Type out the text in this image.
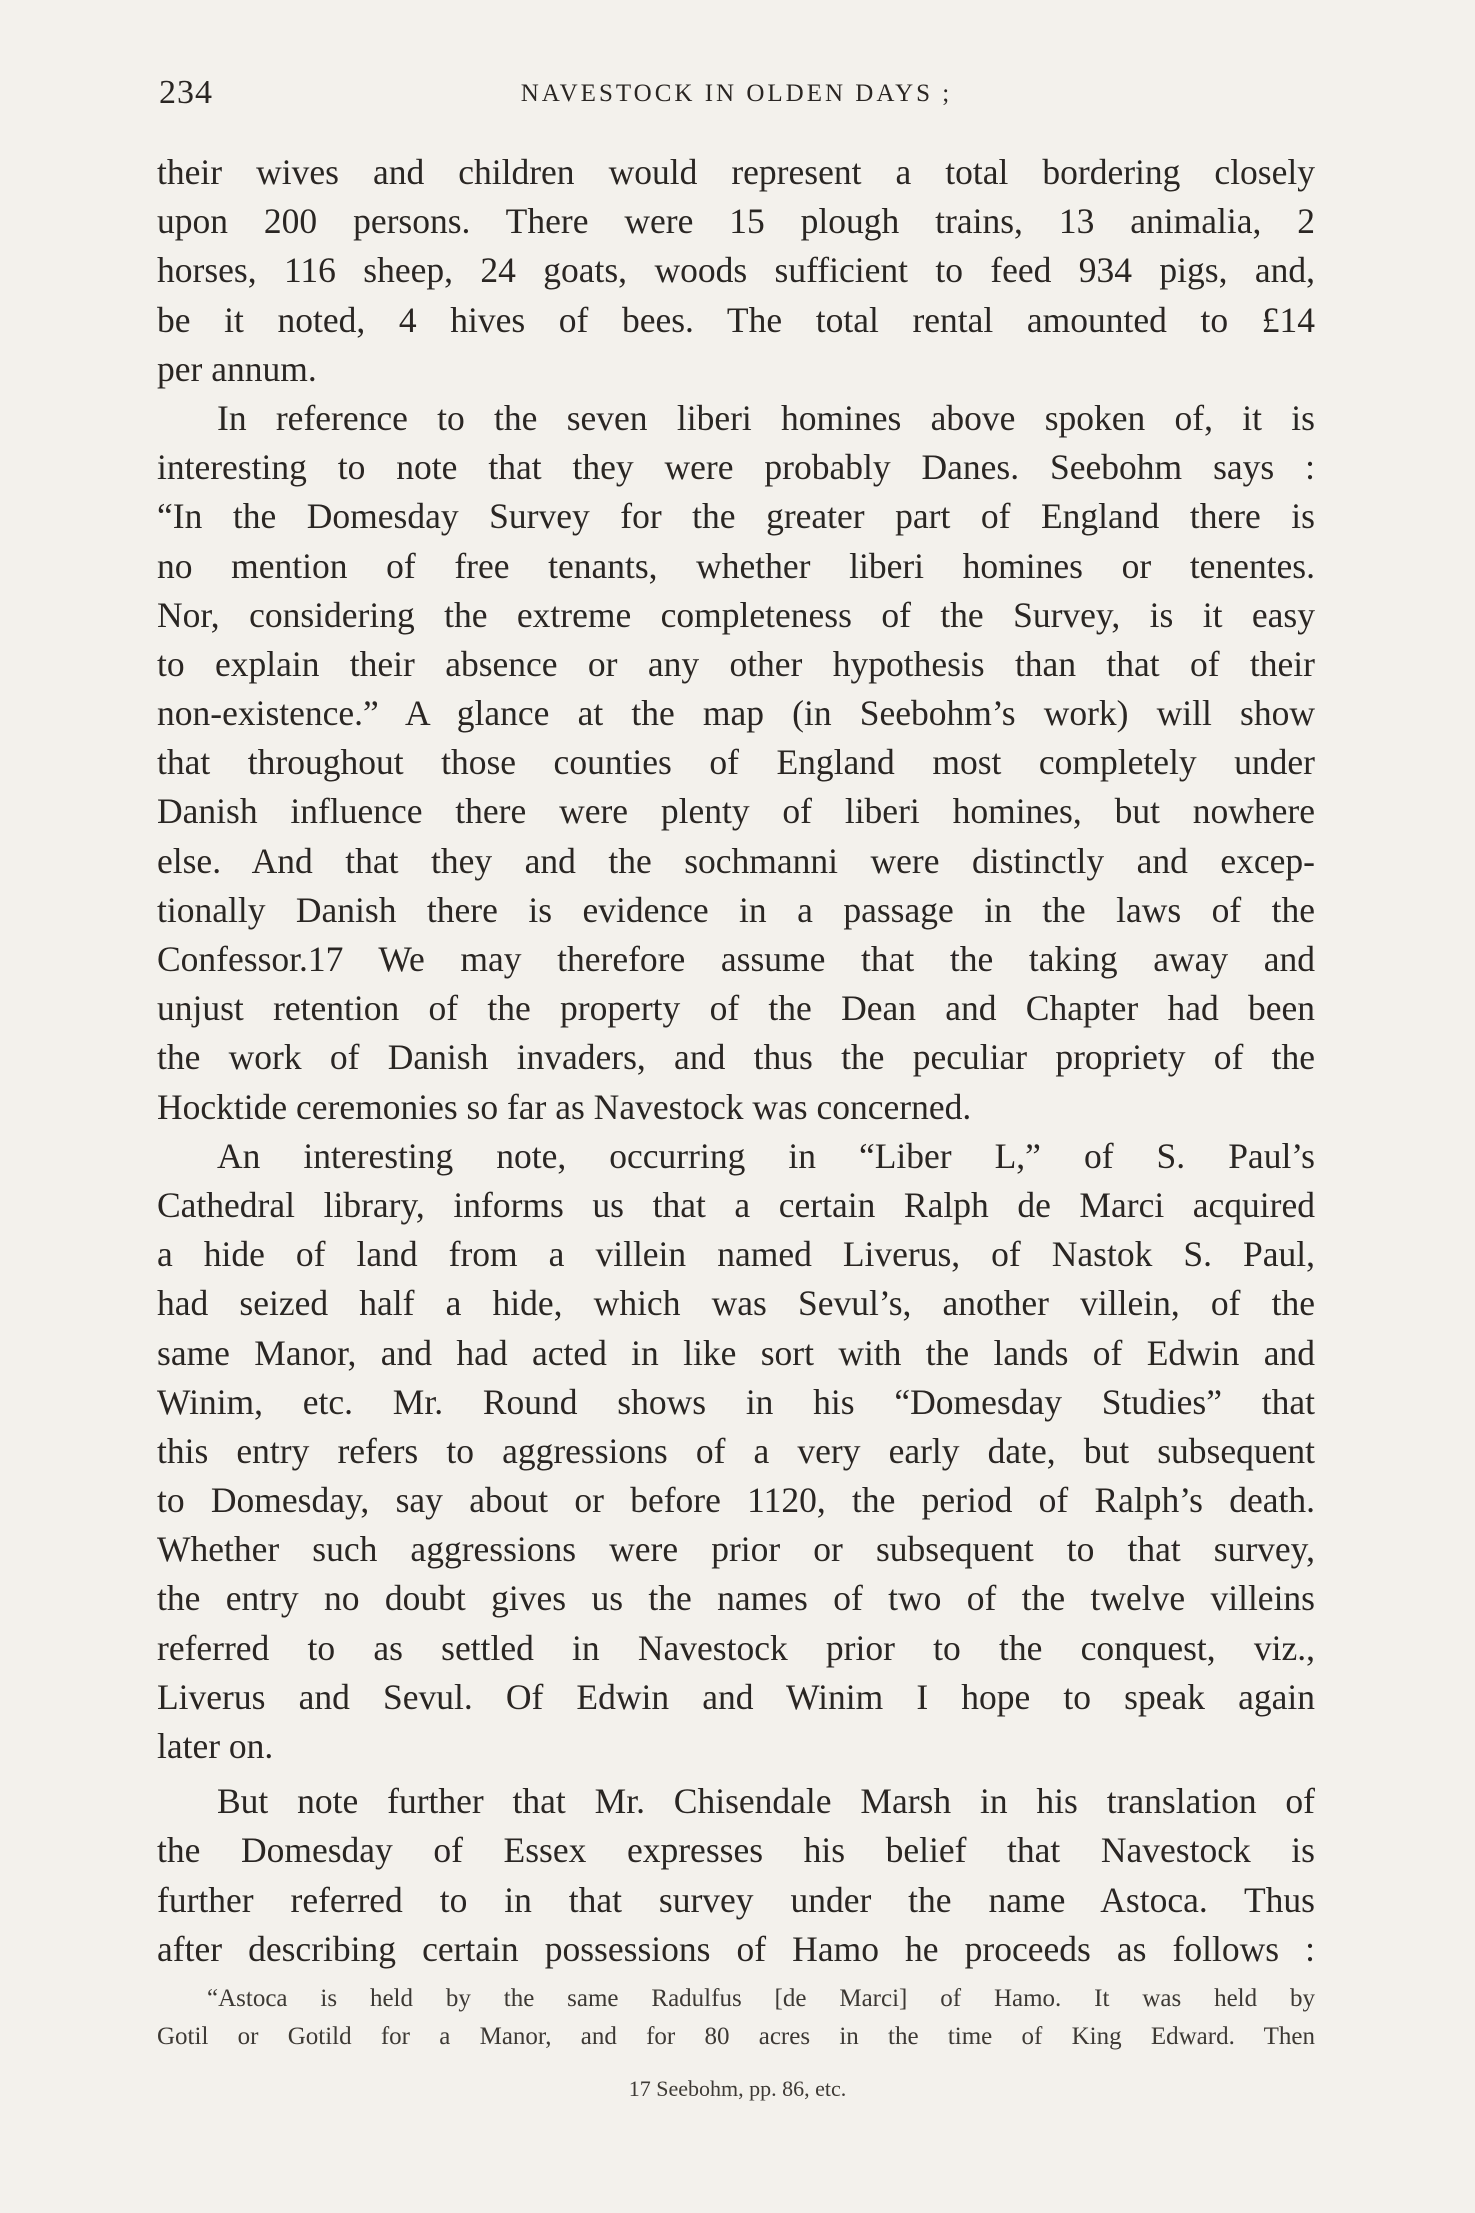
234	NAVESTOCK IN OLDEN DAYS ;
their wives and children would represent a total bordering closely
upon 200 persons. There were 15 plough trains, 13 animalia, 2
horses, 116 sheep, 24 goats, woods sufficient to feed 934 pigs, and,
be it noted, 4 hives of bees. The total rental amounted to £14
per annum.
In reference to the seven liberi homines above spoken of, it is
interesting to note that they were probably Danes. Seebohm says :
“In the Domesday Survey for the greater part of England there is
no mention of free tenants, whether liberi homines or tenentes.
Nor, considering the extreme completeness of the Survey, is it easy
to explain their absence or any other hypothesis than that of their
non-existence.” A glance at the map (in Seebohm’s work) will show
that throughout those counties of England most completely under
Danish influence there were plenty of liberi homines, but nowhere
else. And that they and the sochmanni were distinctly and excep-
tionally Danish there is evidence in a passage in the laws of the
Confessor.17 We may therefore assume that the taking away and
unjust retention of the property of the Dean and Chapter had been
the work of Danish invaders, and thus the peculiar propriety of the
Hocktide ceremonies so far as Navestock was concerned.
An interesting note, occurring in “Liber L,” of S. Paul’s
Cathedral library, informs us that a certain Ralph de Marci acquired
a hide of land from a villein named Liverus, of Nastok S. Paul,
had seized half a hide, which was Sevul’s, another villein, of the
same Manor, and had acted in like sort with the lands of Edwin and
Winim, etc. Mr. Round shows in his “Domesday Studies” that
this entry refers to aggressions of a very early date, but subsequent
to Domesday, say about or before 1120, the period of Ralph’s death.
Whether such aggressions were prior or subsequent to that survey,
the entry no doubt gives us the names of two of the twelve villeins
referred to as settled in Navestock prior to the conquest, viz.,
Liverus and Sevul. Of Edwin and Winim I hope to speak again
later on.
But note further that Mr. Chisendale Marsh in his translation of
the Domesday of Essex expresses his belief that Navestock is
further referred to in that survey under the name Astoca. Thus
after describing certain possessions of Hamo he proceeds as follows :
“Astoca is held by the same Radulfus [de Marci] of Hamo. It was held by
Gotil or Gotild for a Manor, and for 80 acres in the time of King Edward. Then
17 Seebohm, pp. 86, etc.
